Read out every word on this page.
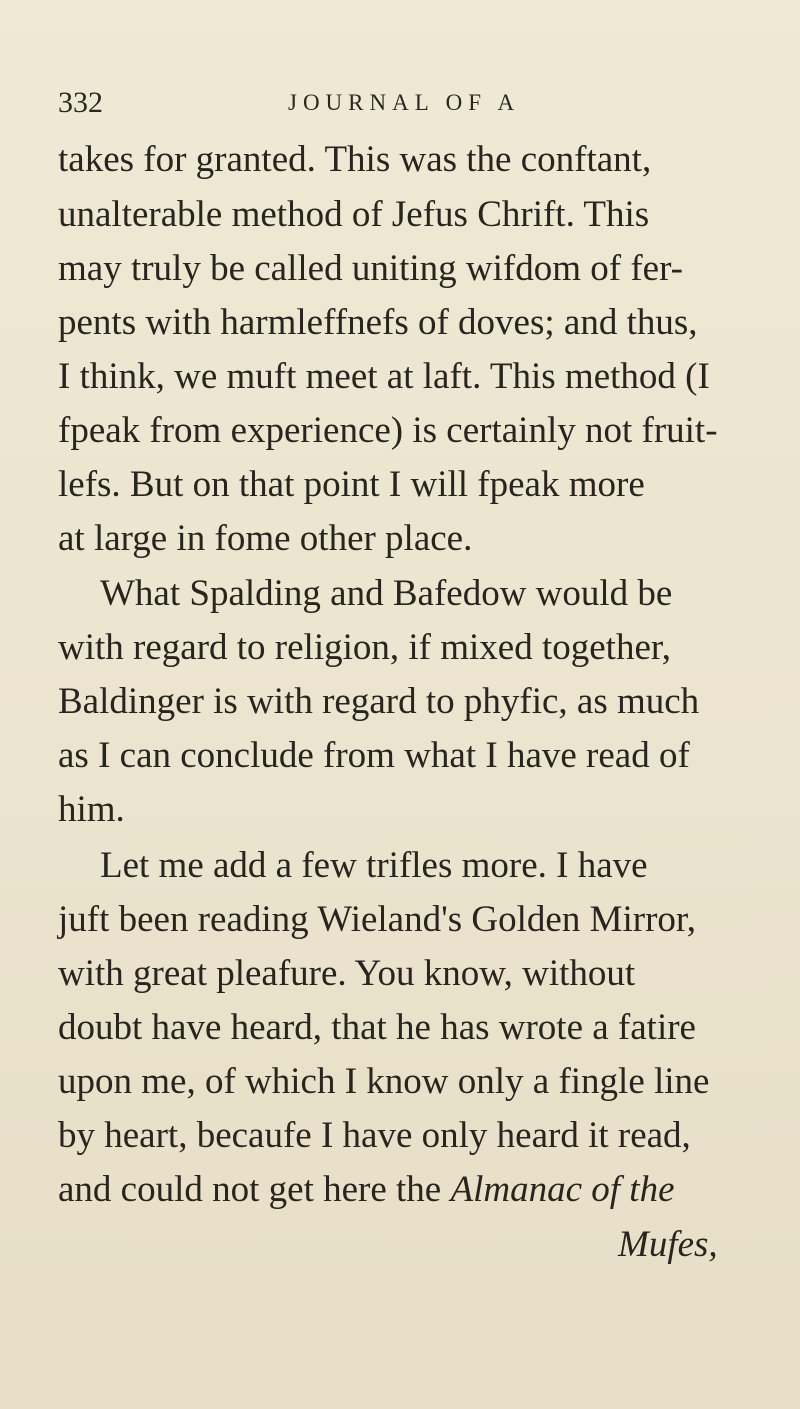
332	JOURNAL OF A
takes for granted. This was the conftant,
unalterable method of Jefus Chrift. This
may truly be called uniting wifdom of fer-
pents with harmleffnefs of doves; and thus,
I think, we muft meet at laft. This method (I
fpeak from experience) is certainly not fruit-
lefs. But on that point I will fpeak more
at large in fome other place.
What Spalding and Bafedow would be
with regard to religion, if mixed together,
Baldinger is with regard to phyfic, as much
as I can conclude from what I have read of
him.
Let me add a few trifles more. I have
juft been reading Wieland's Golden Mirror,
with great pleafure. You know, without
doubt have heard, that he has wrote a fatire
upon me, of which I know only a fingle line
by heart, becaufe I have only heard it read,
and could not get here the Almanac of the
Mufes,
